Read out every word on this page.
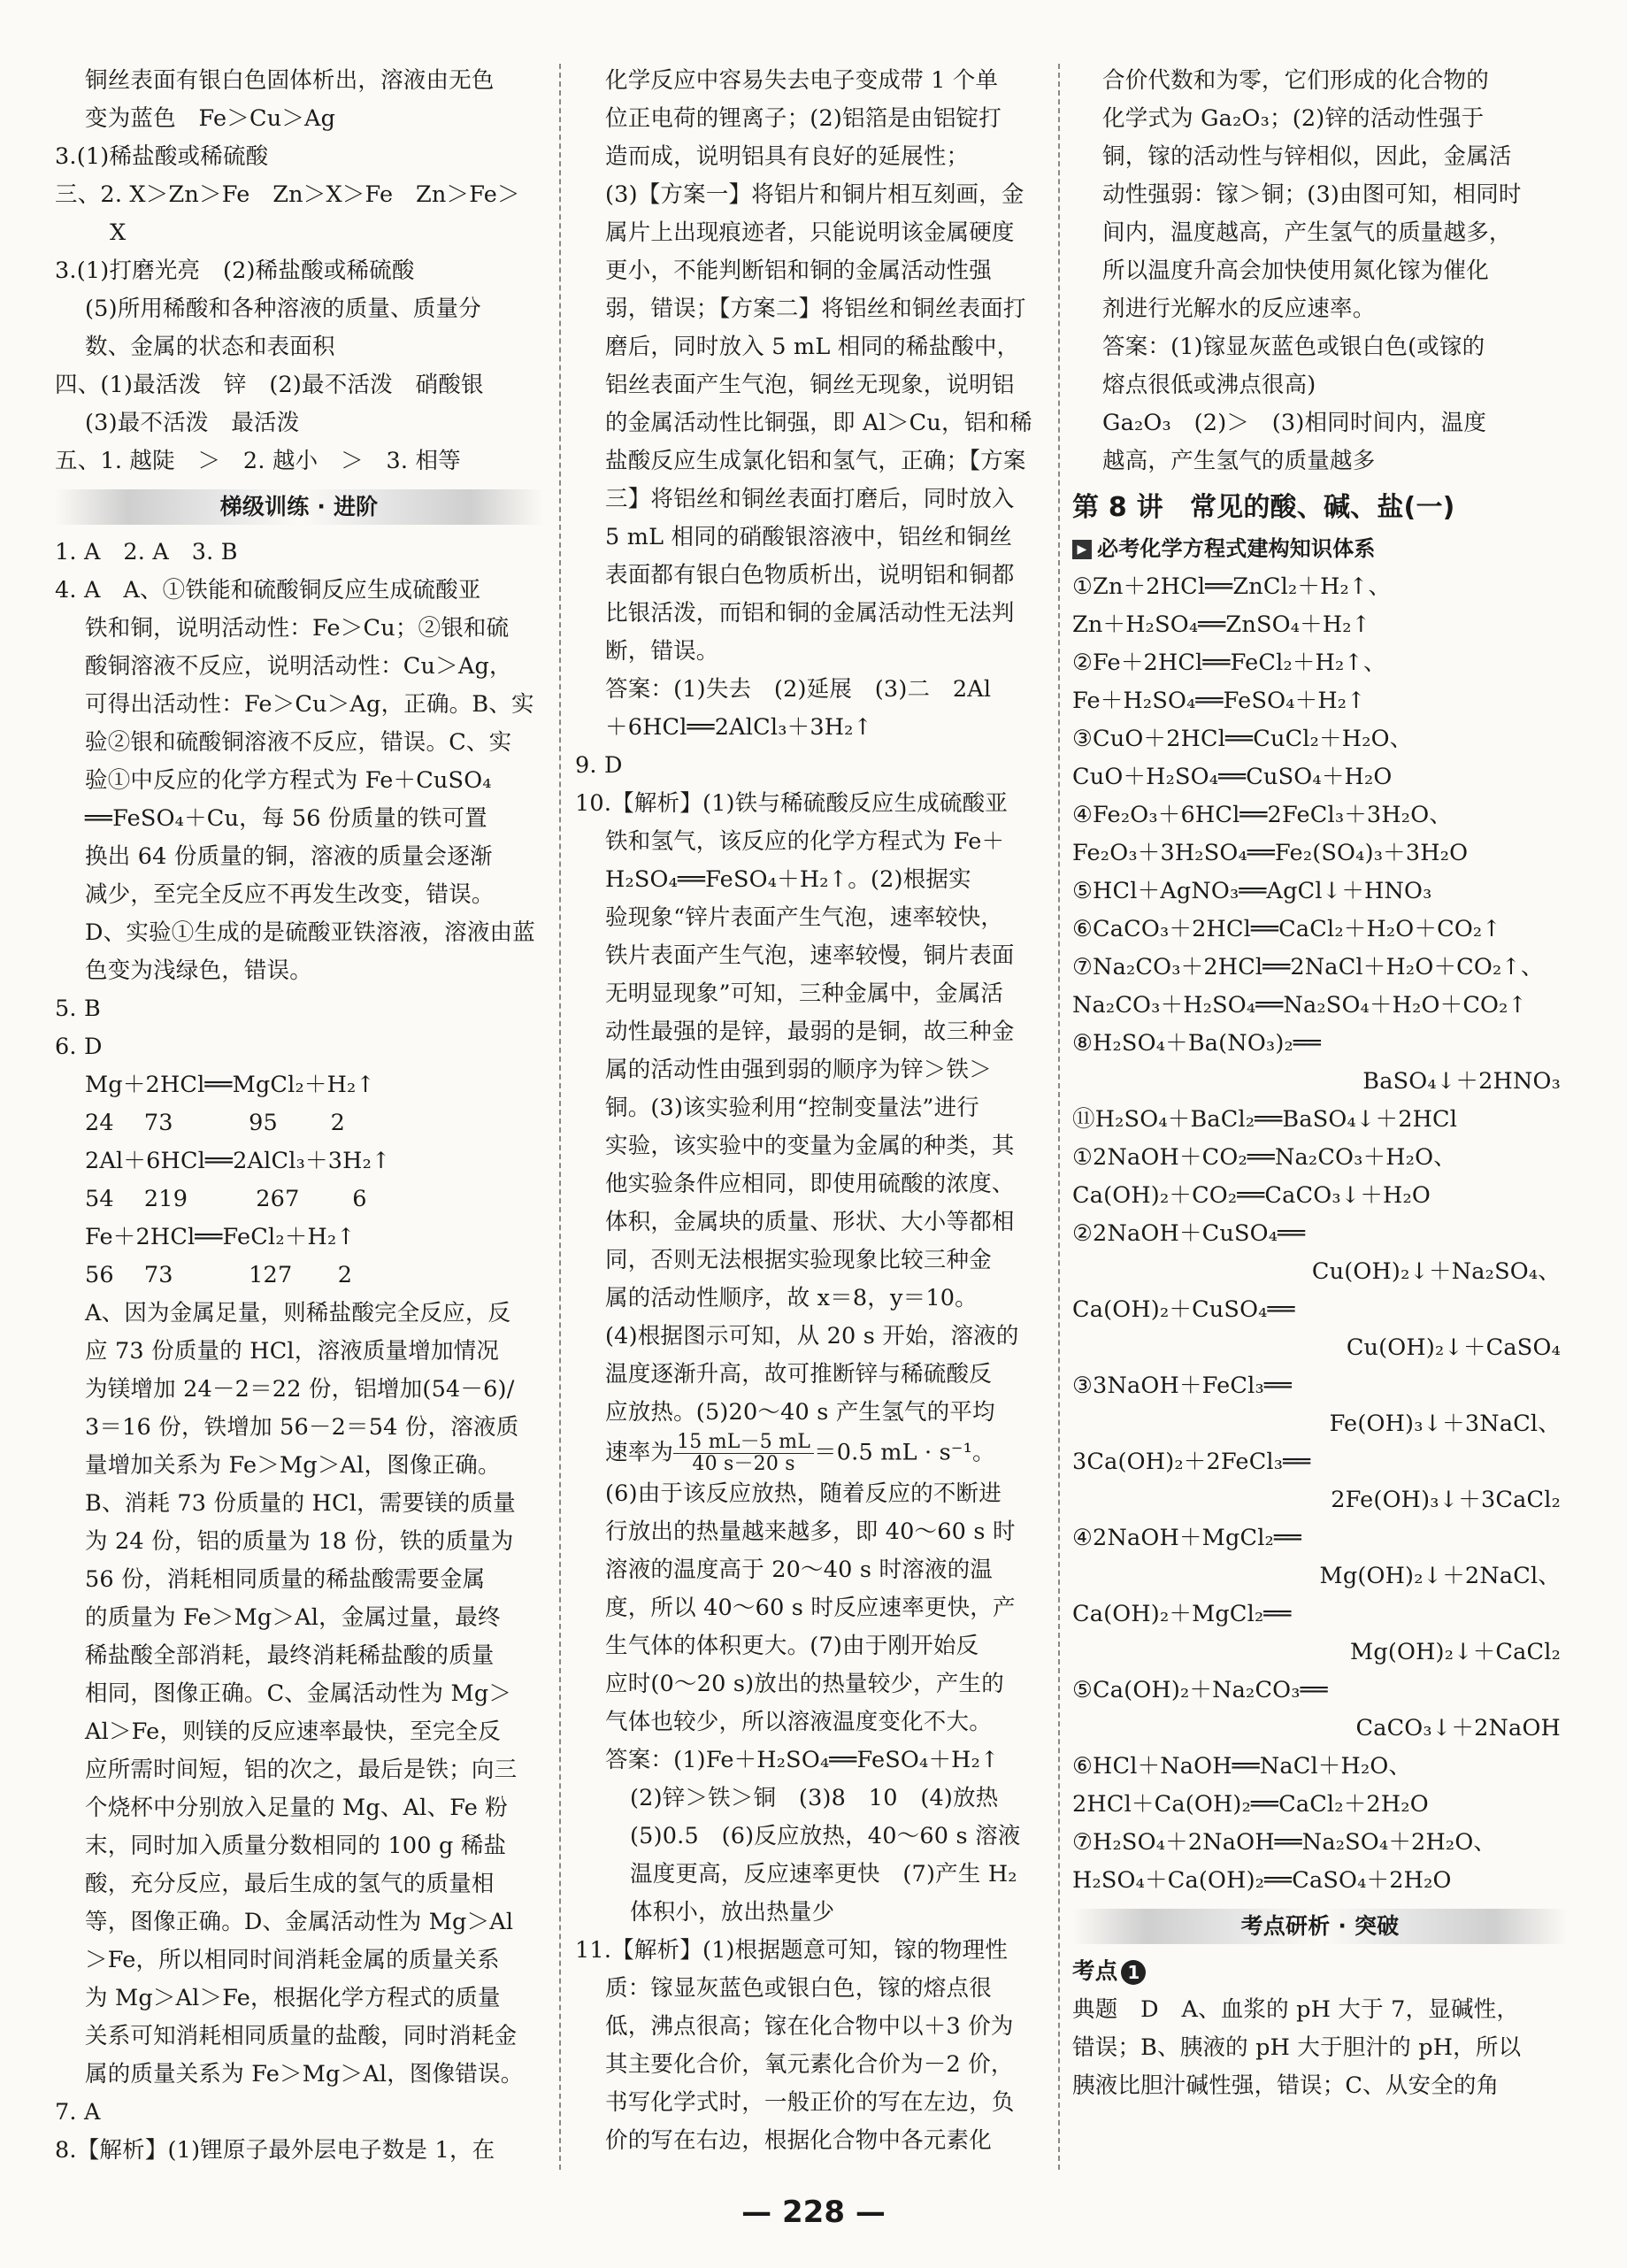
铜丝表面有银白色固体析出，溶液由无色
变为蓝色　Fe＞Cu＞Ag
3.(1)稀盐酸或稀硫酸
三、2. X＞Zn＞Fe　Zn＞X＞Fe　Zn＞Fe＞
X
3.(1)打磨光亮　(2)稀盐酸或稀硫酸
(5)所用稀酸和各种溶液的质量、质量分
数、金属的状态和表面积
四、(1)最活泼　锌　(2)最不活泼　硝酸银
(3)最不活泼　最活泼
五、1. 越陡　＞　2. 越小　＞　3. 相等
梯级训练 · 进阶
1. A　2. A　3. B
4. A　A、①铁能和硫酸铜反应生成硫酸亚
铁和铜，说明活动性：Fe＞Cu；②银和硫
酸铜溶液不反应，说明活动性：Cu＞Ag，
可得出活动性：Fe＞Cu＞Ag，正确。B、实
验②银和硫酸铜溶液不反应，错误。C、实
验①中反应的化学方程式为 Fe＋CuSO₄
══FeSO₄＋Cu，每 56 份质量的铁可置
换出 64 份质量的铜，溶液的质量会逐渐
减少，至完全反应不再发生改变，错误。
D、实验①生成的是硫酸亚铁溶液，溶液由蓝
色变为浅绿色，错误。
5. B
6. D
Mg＋2HCl══MgCl₂＋H₂↑
24　 73　　　 95　　 2
2Al＋6HCl══2AlCl₃＋3H₂↑
54　 219　　　267　　 6
Fe＋2HCl══FeCl₂＋H₂↑
56　 73　　　 127　　2
A、因为金属足量，则稀盐酸完全反应，反
应 73 份质量的 HCl，溶液质量增加情况
为镁增加 24－2＝22 份，铝增加(54－6)/
3＝16 份，铁增加 56－2＝54 份，溶液质
量增加关系为 Fe＞Mg＞Al，图像正确。
B、消耗 73 份质量的 HCl，需要镁的质量
为 24 份，铝的质量为 18 份，铁的质量为
56 份，消耗相同质量的稀盐酸需要金属
的质量为 Fe＞Mg＞Al，金属过量，最终
稀盐酸全部消耗，最终消耗稀盐酸的质量
相同，图像正确。C、金属活动性为 Mg＞
Al＞Fe，则镁的反应速率最快，至完全反
应所需时间短，铝的次之，最后是铁；向三
个烧杯中分别放入足量的 Mg、Al、Fe 粉
末，同时加入质量分数相同的 100 g 稀盐
酸，充分反应，最后生成的氢气的质量相
等，图像正确。D、金属活动性为 Mg＞Al
＞Fe，所以相同时间消耗金属的质量关系
为 Mg＞Al＞Fe，根据化学方程式的质量
关系可知消耗相同质量的盐酸，同时消耗金
属的质量关系为 Fe＞Mg＞Al，图像错误。
7. A
8.【解析】(1)锂原子最外层电子数是 1，在
化学反应中容易失去电子变成带 1 个单
位正电荷的锂离子；(2)铝箔是由铝锭打
造而成，说明铝具有良好的延展性；
(3)【方案一】将铝片和铜片相互刻画，金
属片上出现痕迹者，只能说明该金属硬度
更小，不能判断铝和铜的金属活动性强
弱，错误；【方案二】将铝丝和铜丝表面打
磨后，同时放入 5 mL 相同的稀盐酸中，
铝丝表面产生气泡，铜丝无现象，说明铝
的金属活动性比铜强，即 Al＞Cu，铝和稀
盐酸反应生成氯化铝和氢气，正确；【方案
三】将铝丝和铜丝表面打磨后，同时放入
5 mL 相同的硝酸银溶液中，铝丝和铜丝
表面都有银白色物质析出，说明铝和铜都
比银活泼，而铝和铜的金属活动性无法判
断，错误。
答案：(1)失去　(2)延展　(3)二　2Al
＋6HCl══2AlCl₃＋3H₂↑
9. D
10.【解析】(1)铁与稀硫酸反应生成硫酸亚
铁和氢气，该反应的化学方程式为 Fe＋
H₂SO₄══FeSO₄＋H₂↑。(2)根据实
验现象“锌片表面产生气泡，速率较快，
铁片表面产生气泡，速率较慢，铜片表面
无明显现象”可知，三种金属中，金属活
动性最强的是锌，最弱的是铜，故三种金
属的活动性由强到弱的顺序为锌＞铁＞
铜。(3)该实验利用“控制变量法”进行
实验，该实验中的变量为金属的种类，其
他实验条件应相同，即使用硫酸的浓度、
体积，金属块的质量、形状、大小等都相
同，否则无法根据实验现象比较三种金
属的活动性顺序，故 x＝8，y＝10。
(4)根据图示可知，从 20 s 开始，溶液的
温度逐渐升高，故可推断锌与稀硫酸反
应放热。(5)20～40 s 产生氢气的平均
速率为 $\frac{15 mL-5 mL}{40 s-20 s} =0.5$ mL · s⁻¹。
(6)由于该反应放热，随着反应的不断进
行放出的热量越来越多，即 40～60 s 时
溶液的温度高于 20～40 s 时溶液的温
度，所以 40～60 s 时反应速率更快，产
生气体的体积更大。(7)由于刚开始反
应时(0～20 s)放出的热量较少，产生的
气体也较少，所以溶液温度变化不大。
答案：(1)Fe＋H₂SO₄══FeSO₄＋H₂↑
(2)锌＞铁＞铜　(3)8　10　(4)放热
(5)0.5　(6)反应放热，40～60 s 溶液
温度更高，反应速率更快　(7)产生 H₂
体积小，放出热量少
11.【解析】(1)根据题意可知，镓的物理性
质：镓显灰蓝色或银白色，镓的熔点很
低，沸点很高；镓在化合物中以＋3 价为
其主要化合价，氧元素化合价为－2 价，
书写化学式时，一般正价的写在左边，负
价的写在右边，根据化合物中各元素化
合价代数和为零，它们形成的化合物的
化学式为 Ga₂O₃；(2)锌的活动性强于
铜，镓的活动性与锌相似，因此，金属活
动性强弱：镓＞铜；(3)由图可知，相同时
间内，温度越高，产生氢气的质量越多，
所以温度升高会加快使用氮化镓为催化
剂进行光解水的反应速率。
答案：(1)镓显灰蓝色或银白色(或镓的
熔点很低或沸点很高)
Ga₂O₃　(2)＞　(3)相同时间内，温度
越高，产生氢气的质量越多
第 8 讲　常见的酸、碱、盐(一)
▶ 必考化学方程式建构知识体系
①Zn＋2HCl══ZnCl₂＋H₂↑、
Zn＋H₂SO₄══ZnSO₄＋H₂↑
②Fe＋2HCl══FeCl₂＋H₂↑、
Fe＋H₂SO₄══FeSO₄＋H₂↑
③CuO＋2HCl══CuCl₂＋H₂O、
CuO＋H₂SO₄══CuSO₄＋H₂O
④Fe₂O₃＋6HCl══2FeCl₃＋3H₂O、
Fe₂O₃＋3H₂SO₄══Fe₂(SO₄)₃＋3H₂O
⑤HCl＋AgNO₃══AgCl↓＋HNO₃
⑥CaCO₃＋2HCl══CaCl₂＋H₂O＋CO₂↑
⑦Na₂CO₃＋2HCl══2NaCl＋H₂O＋CO₂↑、
Na₂CO₃＋H₂SO₄══Na₂SO₄＋H₂O＋CO₂↑
⑧H₂SO₄＋Ba(NO₃)₂══
BaSO₄↓＋2HNO₃
⑪H₂SO₄＋BaCl₂══BaSO₄↓＋2HCl
①2NaOH＋CO₂══Na₂CO₃＋H₂O、
Ca(OH)₂＋CO₂══CaCO₃↓＋H₂O
②2NaOH＋CuSO₄══
Cu(OH)₂↓＋Na₂SO₄、
Ca(OH)₂＋CuSO₄══
Cu(OH)₂↓＋CaSO₄
③3NaOH＋FeCl₃══
Fe(OH)₃↓＋3NaCl、
3Ca(OH)₂＋2FeCl₃══
2Fe(OH)₃↓＋3CaCl₂
④2NaOH＋MgCl₂══
Mg(OH)₂↓＋2NaCl、
Ca(OH)₂＋MgCl₂══
Mg(OH)₂↓＋CaCl₂
⑤Ca(OH)₂＋Na₂CO₃══
CaCO₃↓＋2NaOH
⑥HCl＋NaOH══NaCl＋H₂O、
2HCl＋Ca(OH)₂══CaCl₂＋2H₂O
⑦H₂SO₄＋2NaOH══Na₂SO₄＋2H₂O、
H₂SO₄＋Ca(OH)₂══CaSO₄＋2H₂O
考点研析 · 突破
考点 1
典题　D　A、血浆的 pH 大于 7，显碱性，
错误；B、胰液的 pH 大于胆汁的 pH，所以
胰液比胆汁碱性强，错误；C、从安全的角
— 228 —
